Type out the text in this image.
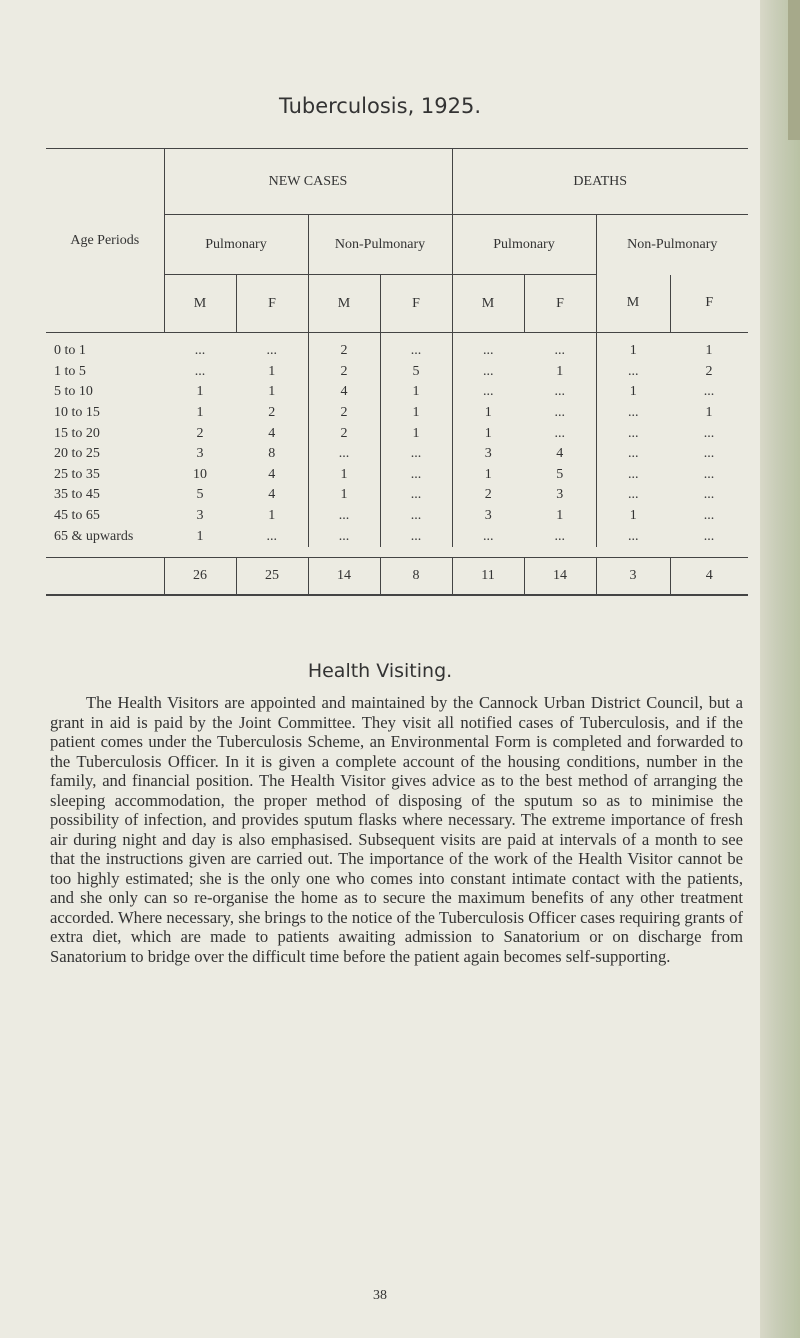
Tuberculosis, 1925.
Age Periods	NEW CASES				DEATHS			
	Pulmonary		Non-Pulmonary		Pulmonary		Non-Pulmonary	
	M	F	M	F	M	F	M	F
0 to 1	...	...	2	...	...	...	1	1
1 to 5	...	1	2	5	...	1	...	2
5 to 10	1	1	4	1	...	...	1	...
10 to 15	1	2	2	1	1	...	...	1
15 to 20	2	4	2	1	1	...	...	...
20 to 25	3	8	...	...	3	4	...	...
25 to 35	10	4	1	...	1	5	...	...
35 to 45	5	4	1	...	2	3	...	...
45 to 65	3	1	...	...	3	1	1	...
65 & upwards	1	...	...	...	...	...	...	...

	26	25	14	8	11	14	3	4
Health Visiting.
The Health Visitors are appointed and maintained by the Cannock Urban District Council, but a grant in aid is paid by the Joint Committee. They visit all notified cases of Tuberculosis, and if the patient comes under the Tuberculosis Scheme, an Environmental Form is completed and forwarded to the Tuberculosis Officer. In it is given a complete account of the housing conditions, number in the family, and financial position. The Health Visitor gives advice as to the best method of arranging the sleeping accommodation, the proper method of disposing of the sputum so as to minimise the possibility of infection, and provides sputum flasks where necessary. The extreme importance of fresh air during night and day is also emphasised. Subsequent visits are paid at intervals of a month to see that the instructions given are carried out. The importance of the work of the Health Visitor cannot be too highly estimated; she is the only one who comes into constant intimate contact with the patients, and she only can so re-organise the home as to secure the maximum benefits of any other treatment accorded. Where necessary, she brings to the notice of the Tuberculosis Officer cases requiring grants of extra diet, which are made to patients awaiting admission to Sanatorium or on discharge from Sanatorium to bridge over the difficult time before the patient again becomes self-supporting.
38
